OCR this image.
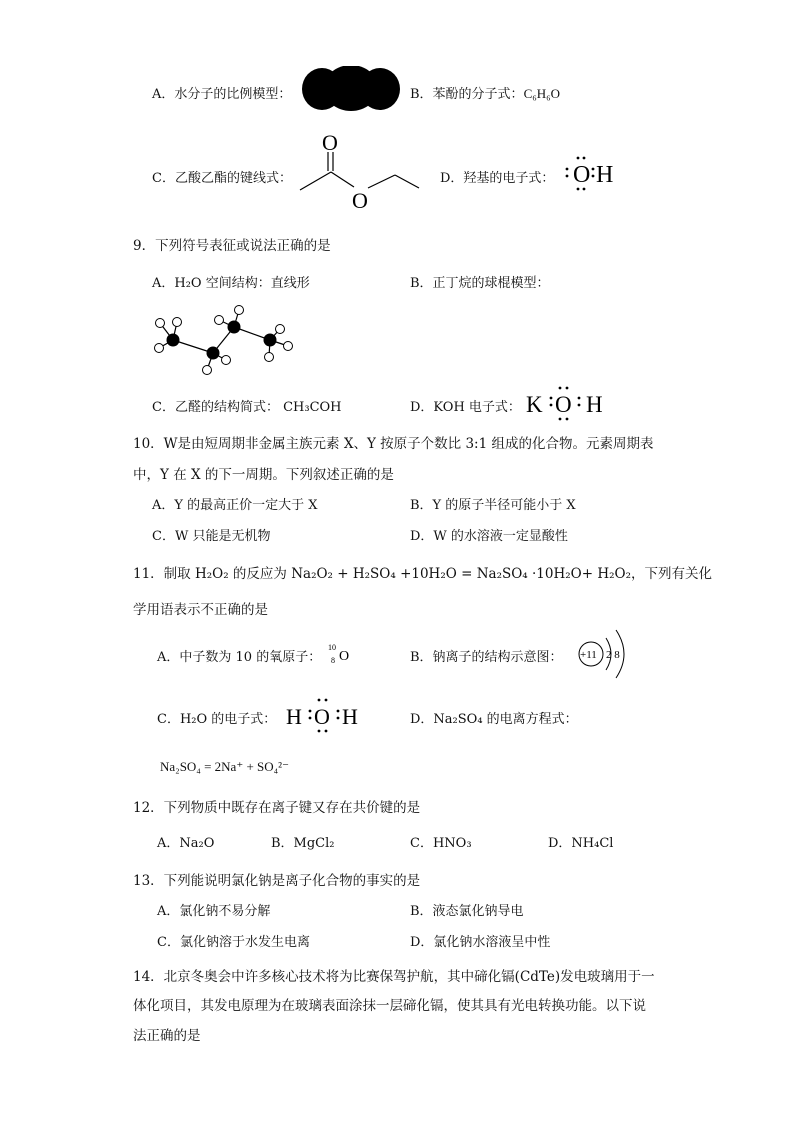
A．水分子的比例模型：	B．苯酚的分子式：C₆H₆O
C．乙酸乙酯的键线式：
O
O
D．羟基的电子式： O H
9．下列符号表征或说法正确的是
A．H₂O 空间结构：直线形	B．正丁烷的球棍模型：
C．乙醛的结构简式： CH₃COH	D．KOH 电子式： K O H
10．W是由短周期非金属主族元素 X、Y 按原子个数比 3:1 组成的化合物。元素周期表
中，Y 在 X 的下一周期。下列叙述正确的是
A．Y 的最高正价一定大于 X	B．Y 的原子半径可能小于 X
C．W 只能是无机物	D．W 的水溶液一定显酸性
11．制取 H₂O₂ 的反应为 Na₂O₂ + H₂SO₄ +10H₂O = Na₂SO₄ ·10H₂O+ H₂O₂，下列有关化
学用语表示不正确的是
A．中子数为 10 的氧原子：
10
8 O	B．钠离子的结构示意图： +11 2 8
C．H₂O 的电子式： H O H	D．Na₂SO₄ 的电离方程式：
Na₂SO₄ = 2Na⁺ + SO₄²⁻
12．下列物质中既存在离子键又存在共价键的是
A．Na₂O	B．MgCl₂	C．HNO₃	D．NH₄Cl
13．下列能说明氯化钠是离子化合物的事实的是
A．氯化钠不易分解	B．液态氯化钠导电
C．氯化钠溶于水发生电离	D．氯化钠水溶液呈中性
14．北京冬奥会中许多核心技术将为比赛保驾护航，其中碲化镉(CdTe)发电玻璃用于一
体化项目，其发电原理为在玻璃表面涂抹一层碲化镉，使其具有光电转换功能。以下说
法正确的是
